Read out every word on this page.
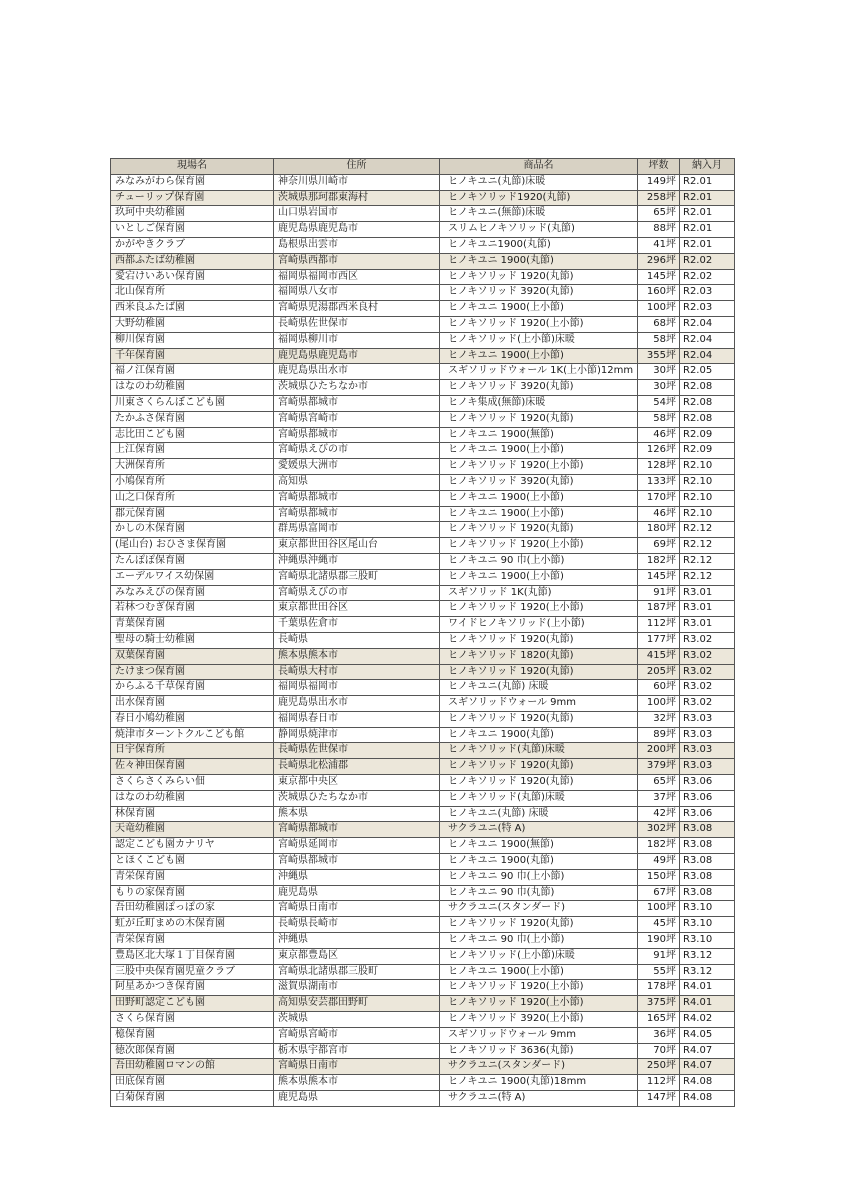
現場名	住所	商品名	坪数	納入月
みなみがわら保育園	神奈川県川崎市	ヒノキユニ(丸節)床暖	149坪	R2.01
チューリップ保育園	茨城県那珂郡東海村	ヒノキソリッド1920(丸節)	258坪	R2.01
玖珂中央幼稚園	山口県岩国市	ヒノキユニ(無節)床暖	65坪	R2.01
いとしご保育園	鹿児島県鹿児島市	スリムヒノキソリッド(丸節)	88坪	R2.01
かがやきクラブ	島根県出雲市	ヒノキユニ1900(丸節)	41坪	R2.01
西都ふたば幼稚園	宮崎県西都市	ヒノキユニ 1900(丸節)	296坪	R2.02
愛宕けいあい保育園	福岡県福岡市西区	ヒノキソリッド 1920(丸節)	145坪	R2.02
北山保育所	福岡県八女市	ヒノキソリッド 3920(丸節)	160坪	R2.03
西米良ふたば園	宮崎県児湯郡西米良村	ヒノキユニ 1900(上小節)	100坪	R2.03
大野幼稚園	長崎県佐世保市	ヒノキソリッド 1920(上小節)	68坪	R2.04
柳川保育園	福岡県柳川市	ヒノキソリッド(上小節)床暖	58坪	R2.04
千年保育園	鹿児島県鹿児島市	ヒノキユニ 1900(上小節)	355坪	R2.04
福ノ江保育園	鹿児島県出水市	スギソリッドウォール 1K(上小節)12mm	30坪	R2.05
はなのわ幼稚園	茨城県ひたちなか市	ヒノキソリッド 3920(丸節)	30坪	R2.08
川東さくらんぼこども園	宮崎県都城市	ヒノキ集成(無節)床暖	54坪	R2.08
たかふさ保育園	宮崎県宮崎市	ヒノキソリッド 1920(丸節)	58坪	R2.08
志比田こども園	宮崎県都城市	ヒノキユニ 1900(無節)	46坪	R2.09
上江保育園	宮崎県えびの市	ヒノキユニ 1900(上小節)	126坪	R2.09
大洲保育所	愛媛県大洲市	ヒノキソリッド 1920(上小節)	128坪	R2.10
小鳩保育所	高知県	ヒノキソリッド 3920(丸節)	133坪	R2.10
山之口保育所	宮崎県都城市	ヒノキユニ 1900(上小節)	170坪	R2.10
郡元保育園	宮崎県都城市	ヒノキユニ 1900(上小節)	46坪	R2.10
かしの木保育園	群馬県富岡市	ヒノキソリッド 1920(丸節)	180坪	R2.12
(尾山台) おひさま保育園	東京都世田谷区尾山台	ヒノキソリッド 1920(上小節)	69坪	R2.12
たんぽぽ保育園	沖縄県沖縄市	ヒノキユニ 90 巾(上小節)	182坪	R2.12
エーデルワイス幼保園	宮崎県北諸県郡三股町	ヒノキユニ 1900(上小節)	145坪	R2.12
みなみえびの保育園	宮崎県えびの市	スギソリッド 1K(丸節)	91坪	R3.01
若林つむぎ保育園	東京都世田谷区	ヒノキソリッド 1920(上小節)	187坪	R3.01
青葉保育園	千葉県佐倉市	ワイドヒノキソリッド(上小節)	112坪	R3.01
聖母の騎士幼稚園	長崎県	ヒノキソリッド 1920(丸節)	177坪	R3.02
双葉保育園	熊本県熊本市	ヒノキソリッド 1820(丸節)	415坪	R3.02
たけまつ保育園	長崎県大村市	ヒノキソリッド 1920(丸節)	205坪	R3.02
からふる千草保育園	福岡県福岡市	ヒノキユニ(丸節) 床暖	60坪	R3.02
出水保育園	鹿児島県出水市	スギソリッドウォール 9mm	100坪	R3.02
春日小鳩幼稚園	福岡県春日市	ヒノキソリッド 1920(丸節)	32坪	R3.03
焼津市ターントクルこども館	静岡県焼津市	ヒノキユニ 1900(丸節)	89坪	R3.03
日宇保育所	長崎県佐世保市	ヒノキソリッド(丸節)床暖	200坪	R3.03
佐々神田保育園	長崎県北松浦郡	ヒノキソリッド 1920(丸節)	379坪	R3.03
さくらさくみらい佃	東京都中央区	ヒノキソリッド 1920(丸節)	65坪	R3.06
はなのわ幼稚園	茨城県ひたちなか市	ヒノキソリッド(丸節)床暖	37坪	R3.06
林保育園	熊本県	ヒノキユニ(丸節) 床暖	42坪	R3.06
天竜幼稚園	宮崎県都城市	サクラユニ(特 A)	302坪	R3.08
認定こども園カナリヤ	宮崎県延岡市	ヒノキユニ 1900(無節)	182坪	R3.08
とほくこども園	宮崎県都城市	ヒノキユニ 1900(丸節)	49坪	R3.08
青栄保育園	沖縄県	ヒノキユニ 90 巾(上小節)	150坪	R3.08
もりの家保育園	鹿児島県	ヒノキユニ 90 巾(丸節)	67坪	R3.08
吾田幼稚園ぽっぽの家	宮崎県日南市	サクラユニ(スタンダード)	100坪	R3.10
虹が丘町まめの木保育園	長崎県長崎市	ヒノキソリッド 1920(丸節)	45坪	R3.10
青栄保育園	沖縄県	ヒノキユニ 90 巾(上小節)	190坪	R3.10
豊島区北大塚１丁目保育園	東京都豊島区	ヒノキソリッド(上小節)床暖	91坪	R3.12
三股中央保育園児童クラブ	宮崎県北諸県郡三股町	ヒノキユニ 1900(上小節)	55坪	R3.12
阿星あかつき保育園	滋賀県湖南市	ヒノキソリッド 1920(上小節)	178坪	R4.01
田野町認定こども園	高知県安芸郡田野町	ヒノキソリッド 1920(上小節)	375坪	R4.01
さくら保育園	茨城県	ヒノキソリッド 3920(上小節)	165坪	R4.02
檍保育園	宮崎県宮崎市	スギソリッドウォール 9mm	36坪	R4.05
徳次郎保育園	栃木県宇都宮市	ヒノキソリッド 3636(丸節)	70坪	R4.07
吾田幼稚園ロマンの館	宮崎県日南市	サクラユニ(スタンダード)	250坪	R4.07
田底保育園	熊本県熊本市	ヒノキユニ 1900(丸節)18mm	112坪	R4.08
白菊保育園	鹿児島県	サクラユニ(特 A)	147坪	R4.08
